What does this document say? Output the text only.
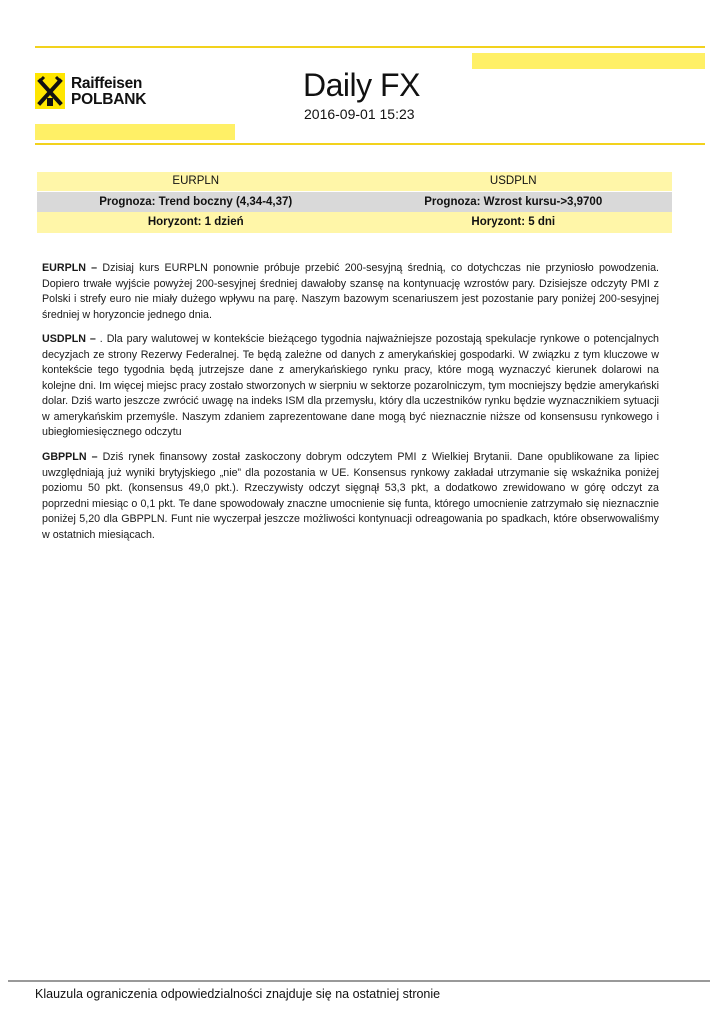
Raiffeisen
POLBANK	Daily FX
2016-09-01 15:23
EURPLN	USDPLN
Prognoza: Trend boczny (4,34-4,37)	Prognoza: Wzrost kursu->3,9700
Horyzont: 1 dzień	Horyzont: 5 dni
EURPLN – Dzisiaj kurs EURPLN ponownie próbuje przebić 200-sesyjną średnią, co dotychczas nie przyniosło powodzenia. Dopiero trwałe wyjście powyżej 200-sesyjnej średniej dawałoby szansę na kontynuację wzrostów pary. Dzisiejsze odczyty PMI z Polski i strefy euro nie miały dużego wpływu na parę. Naszym bazowym scenariuszem jest pozostanie pary poniżej 200-sesyjnej średniej w horyzoncie jednego dnia.
USDPLN – . Dla pary walutowej w kontekście bieżącego tygodnia najważniejsze pozostają spekulacje rynkowe o potencjalnych decyzjach ze strony Rezerwy Federalnej. Te będą zależne od danych z amerykańskiej gospodarki. W związku z tym kluczowe w kontekście tego tygodnia będą jutrzejsze dane z amerykańskiego rynku pracy, które mogą wyznaczyć kierunek dolarowi na kolejne dni. Im więcej miejsc pracy zostało stworzonych w sierpniu w sektorze pozarolniczym, tym mocniejszy będzie amerykański dolar. Dziś warto jeszcze zwrócić uwagę na indeks ISM dla przemysłu, który dla uczestników rynku będzie wyznacznikiem sytuacji w amerykańskim przemyśle. Naszym zdaniem zaprezentowane dane mogą być nieznacznie niższe od konsensusu rynkowego i ubiegłomiesięcznego odczytu
GBPPLN – Dziś rynek finansowy został zaskoczony dobrym odczytem PMI z Wielkiej Brytanii. Dane opublikowane za lipiec uwzględniają już wyniki brytyjskiego „nie” dla pozostania w UE. Konsensus rynkowy zakładał utrzymanie się wskaźnika poniżej poziomu 50 pkt. (konsensus 49,0 pkt.). Rzeczywisty odczyt sięgnął 53,3 pkt, a dodatkowo zrewidowano w górę odczyt za poprzedni miesiąc o 0,1 pkt. Te dane spowodowały znaczne umocnienie się funta, którego umocnienie zatrzymało się nieznacznie poniżej 5,20 dla GBPPLN. Funt nie wyczerpał jeszcze możliwości kontynuacji odreagowania po spadkach, które obserwowaliśmy w ostatnich miesiącach.
Klauzula ograniczenia odpowiedzialności znajduje się na ostatniej stronie
